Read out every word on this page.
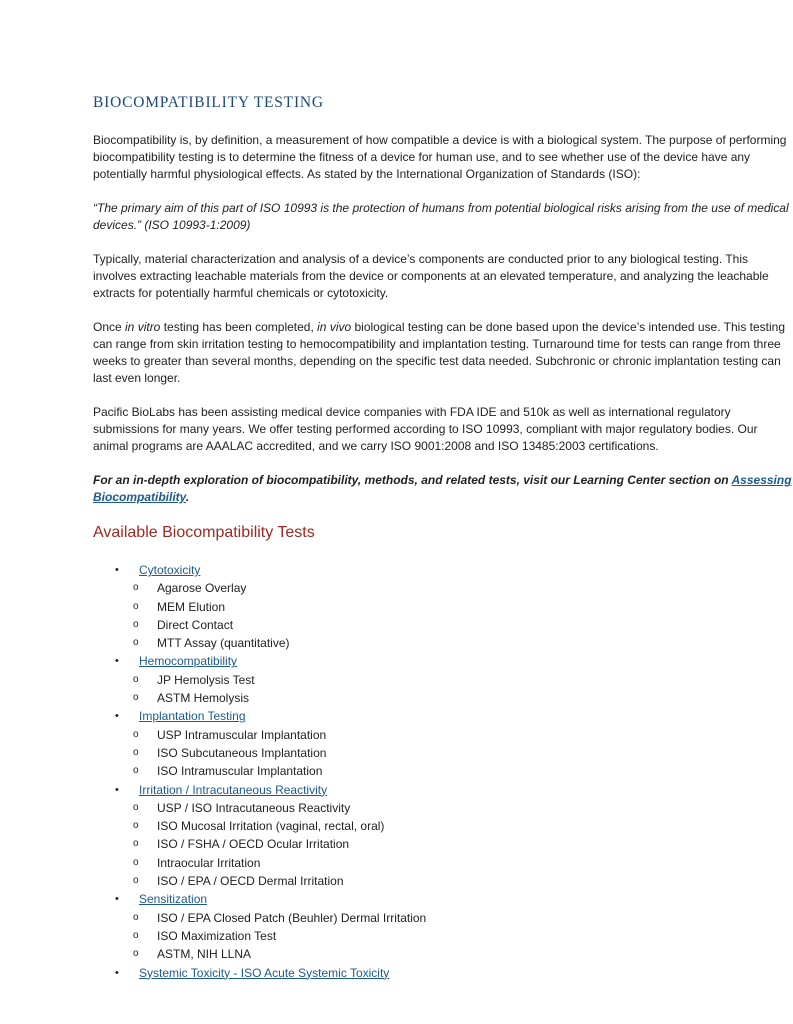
BIOCOMPATIBILITY TESTING

Biocompatibility is, by definition, a measurement of how compatible a device is with a biological system. The purpose of performing biocompatibility testing is to determine the fitness of a device for human use, and to see whether use of the device have any potentially harmful physiological effects. As stated by the International Organization of Standards (ISO):

“The primary aim of this part of ISO 10993 is the protection of humans from potential biological risks arising from the use of medical devices.” (ISO 10993-1:2009)

Typically, material characterization and analysis of a device’s components are conducted prior to any biological testing. This involves extracting leachable materials from the device or components at an elevated temperature, and analyzing the leachable extracts for potentially harmful chemicals or cytotoxicity.

Once in vitro testing has been completed, in vivo biological testing can be done based upon the device’s intended use. This testing can range from skin irritation testing to hemocompatibility and implantation testing. Turnaround time for tests can range from three weeks to greater than several months, depending on the specific test data needed. Subchronic or chronic implantation testing can last even longer.

Pacific BioLabs has been assisting medical device companies with FDA IDE and 510k as well as international regulatory submissions for many years. We offer testing performed according to ISO 10993, compliant with major regulatory bodies. Our animal programs are AAALAC accredited, and we carry ISO 9001:2008 and ISO 13485:2003 certifications.

For an in-depth exploration of biocompatibility, methods, and related tests, visit our Learning Center section on Assessing Biocompatibility.

Available Biocompatibility Tests
• Cytotoxicity
o Agarose Overlay
o MEM Elution
o Direct Contact
o MTT Assay (quantitative)
• Hemocompatibility
o JP Hemolysis Test
o ASTM Hemolysis
• Implantation Testing
o USP Intramuscular Implantation
o ISO Subcutaneous Implantation
o ISO Intramuscular Implantation
• Irritation / Intracutaneous Reactivity
o USP / ISO Intracutaneous Reactivity
o ISO Mucosal Irritation (vaginal, rectal, oral)
o ISO / FSHA / OECD Ocular Irritation
o Intraocular Irritation
o ISO / EPA / OECD Dermal Irritation
• Sensitization
o ISO / EPA Closed Patch (Beuhler) Dermal Irritation
o ISO Maximization Test
o ASTM, NIH LLNA
• Systemic Toxicity - ISO Acute Systemic Toxicity
